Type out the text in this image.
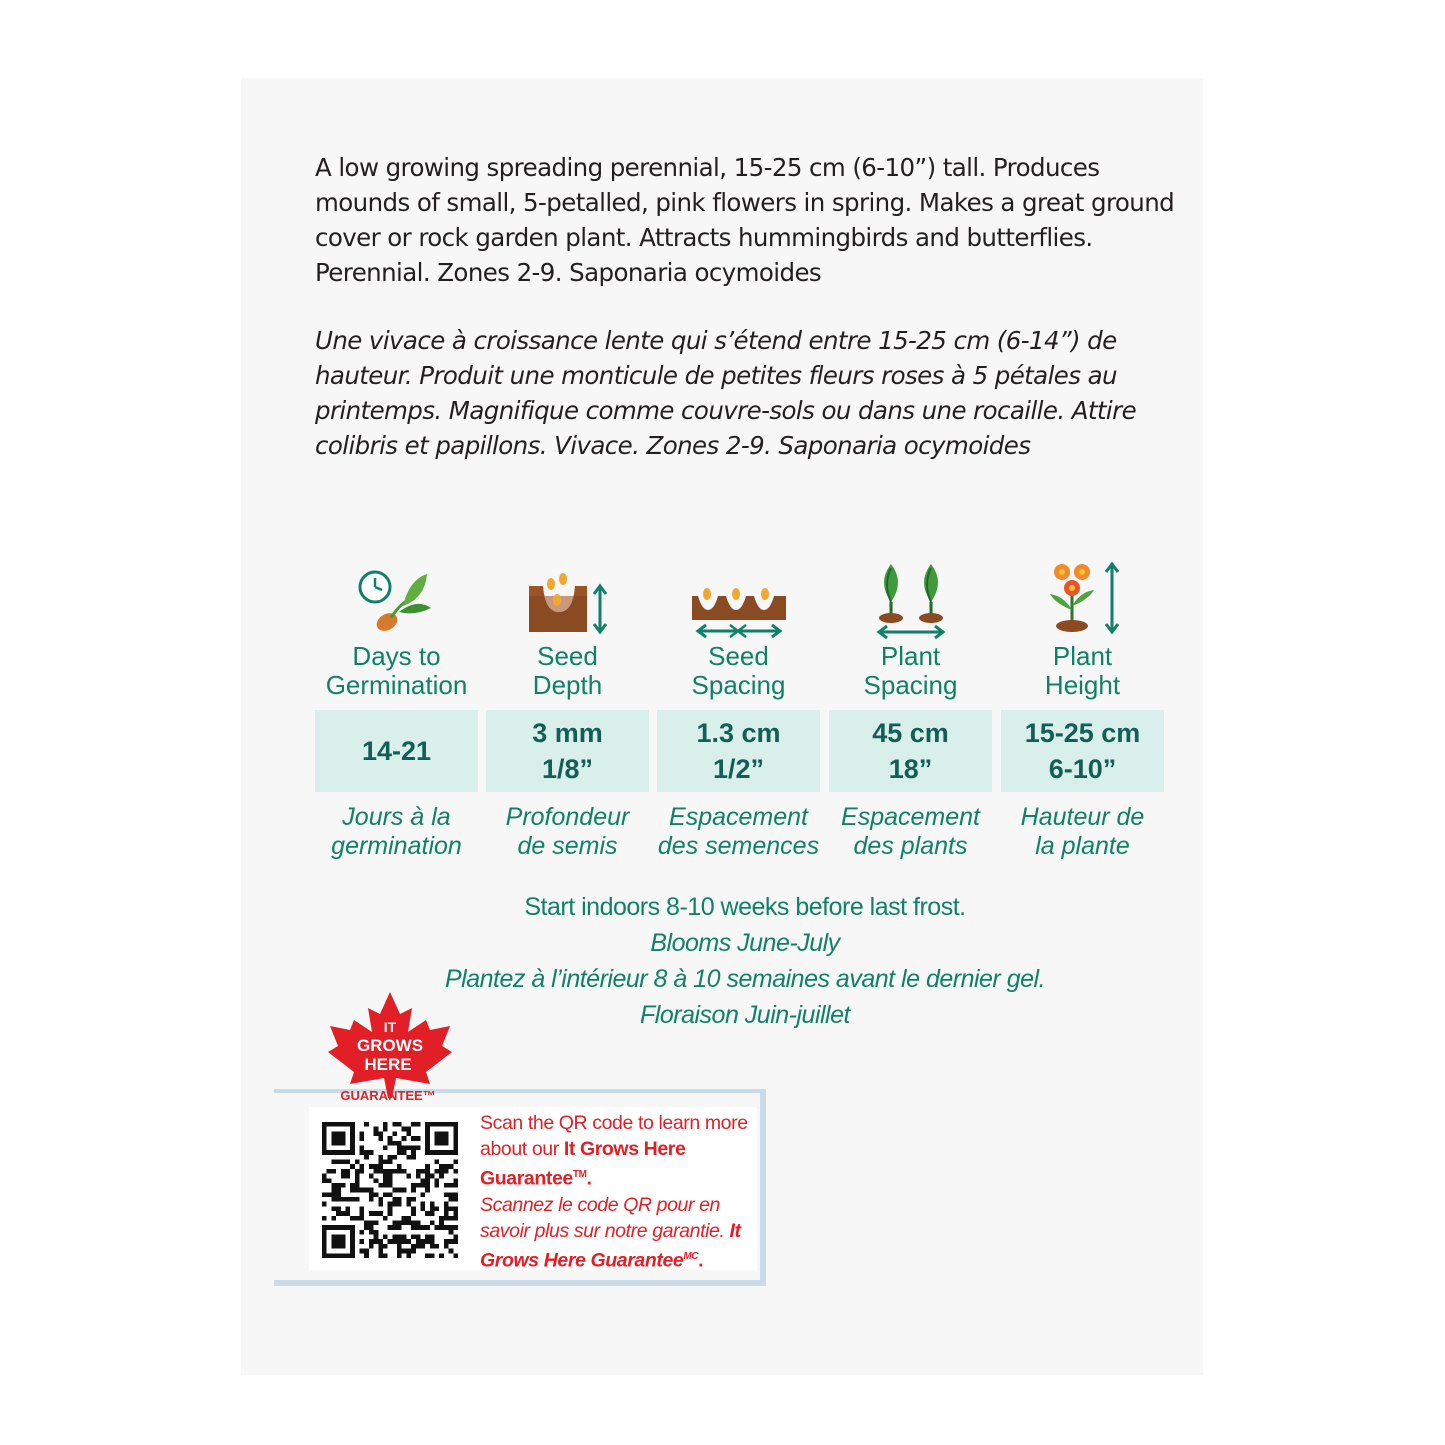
A low growing spreading perennial, 15-25 cm (6-10”) tall. Produces mounds of small, 5-petalled, pink flowers in spring. Makes a great ground cover or rock garden plant. Attracts hummingbirds and butterflies. Perennial. Zones 2-9. Saponaria ocymoides

Une vivace à croissance lente qui s’étend entre 15-25 cm (6-14”) de hauteur. Produit une monticule de petites fleurs roses à 5 pétales au printemps. Magnifique comme couvre-sols ou dans une rocaille. Attire colibris et papillons. Vivace. Zones 2-9. Saponaria ocymoides

Days to
Germination
14-21
Jours à la
germination
Seed
Depth
3 mm
1/8”
Profondeur
de semis
Seed
Spacing
1.3 cm
1/2”
Espacement
des semences
Plant
Spacing
45 cm
18”
Espacement
des plants
Plant
Height
15-25 cm
6-10”
Hauteur de
la plante
Start indoors 8-10 weeks before last frost.
Blooms June-July
Plantez à l’intérieur 8 à 10 semaines avant le dernier gel.
Floraison Juin-juillet
IT
GROWS
HERE
GUARANTEE™
Scan the QR code to learn more about our It Grows Here Guarantee™.
Scannez le code QR pour en savoir plus sur notre garantie. It Grows Here Guarantee$^{MC}$.
